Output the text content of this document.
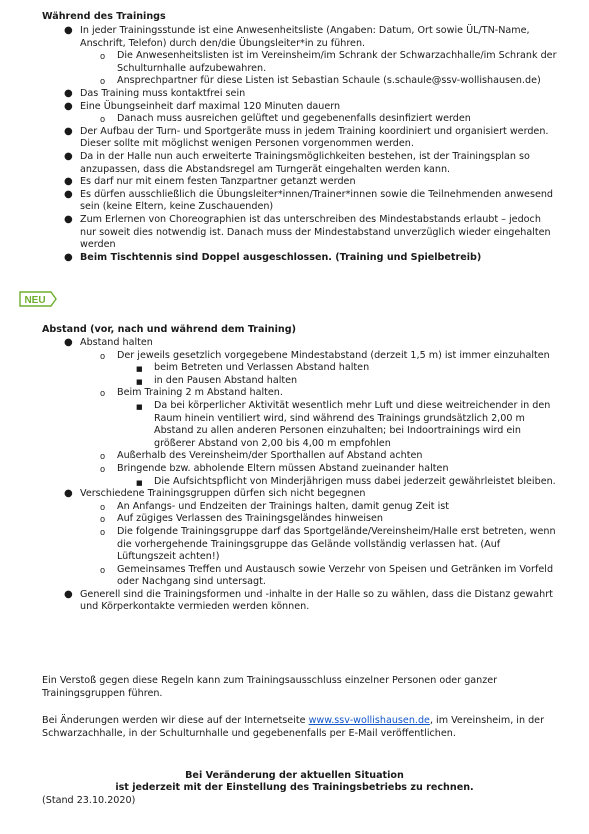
Während des Trainings
● In jeder Trainingsstunde ist eine Anwesenheitsliste (Angaben: Datum, Ort sowie ÜL/TN-Name, Anschrift, Telefon) durch den/die Übungsleiter*in zu führen.
o Die Anwesenheitslisten ist im Vereinsheim/im Schrank der Schwarzachhalle/im Schrank der Schulturnhalle aufzubewahren.
o Ansprechpartner für diese Listen ist Sebastian Schaule (s.schaule@ssv-wollishausen.de)
● Das Training muss kontaktfrei sein
● Eine Übungseinheit darf maximal 120 Minuten dauern
o Danach muss ausreichen gelüftet und gegebenenfalls desinfiziert werden
● Der Aufbau der Turn- und Sportgeräte muss in jedem Training koordiniert und organisiert werden. Dieser sollte mit möglichst wenigen Personen vorgenommen werden.
● Da in der Halle nun auch erweiterte Trainingsmöglichkeiten bestehen, ist der Trainingsplan so anzupassen, dass die Abstandsregel am Turngerät eingehalten werden kann.
● Es darf nur mit einem festen Tanzpartner getanzt werden
● Es dürfen ausschließlich die Übungsleiter*innen/Trainer*innen sowie die Teilnehmenden anwesend sein (keine Eltern, keine Zuschauenden)
● Zum Erlernen von Choreographien ist das unterschreiben des Mindestabstands erlaubt – jedoch nur soweit dies notwendig ist. Danach muss der Mindestabstand unverzüglich wieder eingehalten werden
● Beim Tischtennis sind Doppel ausgeschlossen. (Training und Spielbetreib)
NEU
Abstand (vor, nach und während dem Training)
● Abstand halten
o Der jeweils gesetzlich vorgegebene Mindestabstand (derzeit 1,5 m) ist immer einzuhalten
■ beim Betreten und Verlassen Abstand halten
■ in den Pausen Abstand halten
o Beim Training 2 m Abstand halten.
■ Da bei körperlicher Aktivität wesentlich mehr Luft und diese weitreichender in den Raum hinein ventiliert wird, sind während des Trainings grundsätzlich 2,00 m Abstand zu allen anderen Personen einzuhalten; bei Indoortrainings wird ein größerer Abstand von 2,00 bis 4,00 m empfohlen
o Außerhalb des Vereinsheim/der Sporthallen auf Abstand achten
o Bringende bzw. abholende Eltern müssen Abstand zueinander halten
■ Die Aufsichtspflicht von Minderjährigen muss dabei jederzeit gewährleistet bleiben.
● Verschiedene Trainingsgruppen dürfen sich nicht begegnen
o An Anfangs- und Endzeiten der Trainings halten, damit genug Zeit ist
o Auf zügiges Verlassen des Trainingsgeländes hinweisen
o Die folgende Trainingsgruppe darf das Sportgelände/Vereinsheim/Halle erst betreten, wenn die vorhergehende Trainingsgruppe das Gelände vollständig verlassen hat. (Auf Lüftungszeit achten!)
o Gemeinsames Treffen und Austausch sowie Verzehr von Speisen und Getränken im Vorfeld oder Nachgang sind untersagt.
● Generell sind die Trainingsformen und -inhalte in der Halle so zu wählen, dass die Distanz gewahrt und Körperkontakte vermieden werden können.
Ein Verstoß gegen diese Regeln kann zum Trainingsausschluss einzelner Personen oder ganzer Trainingsgruppen führen.
Bei Änderungen werden wir diese auf der Internetseite www.ssv-wollishausen.de, im Vereinsheim, in der Schwarzachhalle, in der Schulturnhalle und gegebenenfalls per E-Mail veröffentlichen.
Bei Veränderung der aktuellen Situation
ist jederzeit mit der Einstellung des Trainingsbetriebs zu rechnen.
(Stand 23.10.2020)
